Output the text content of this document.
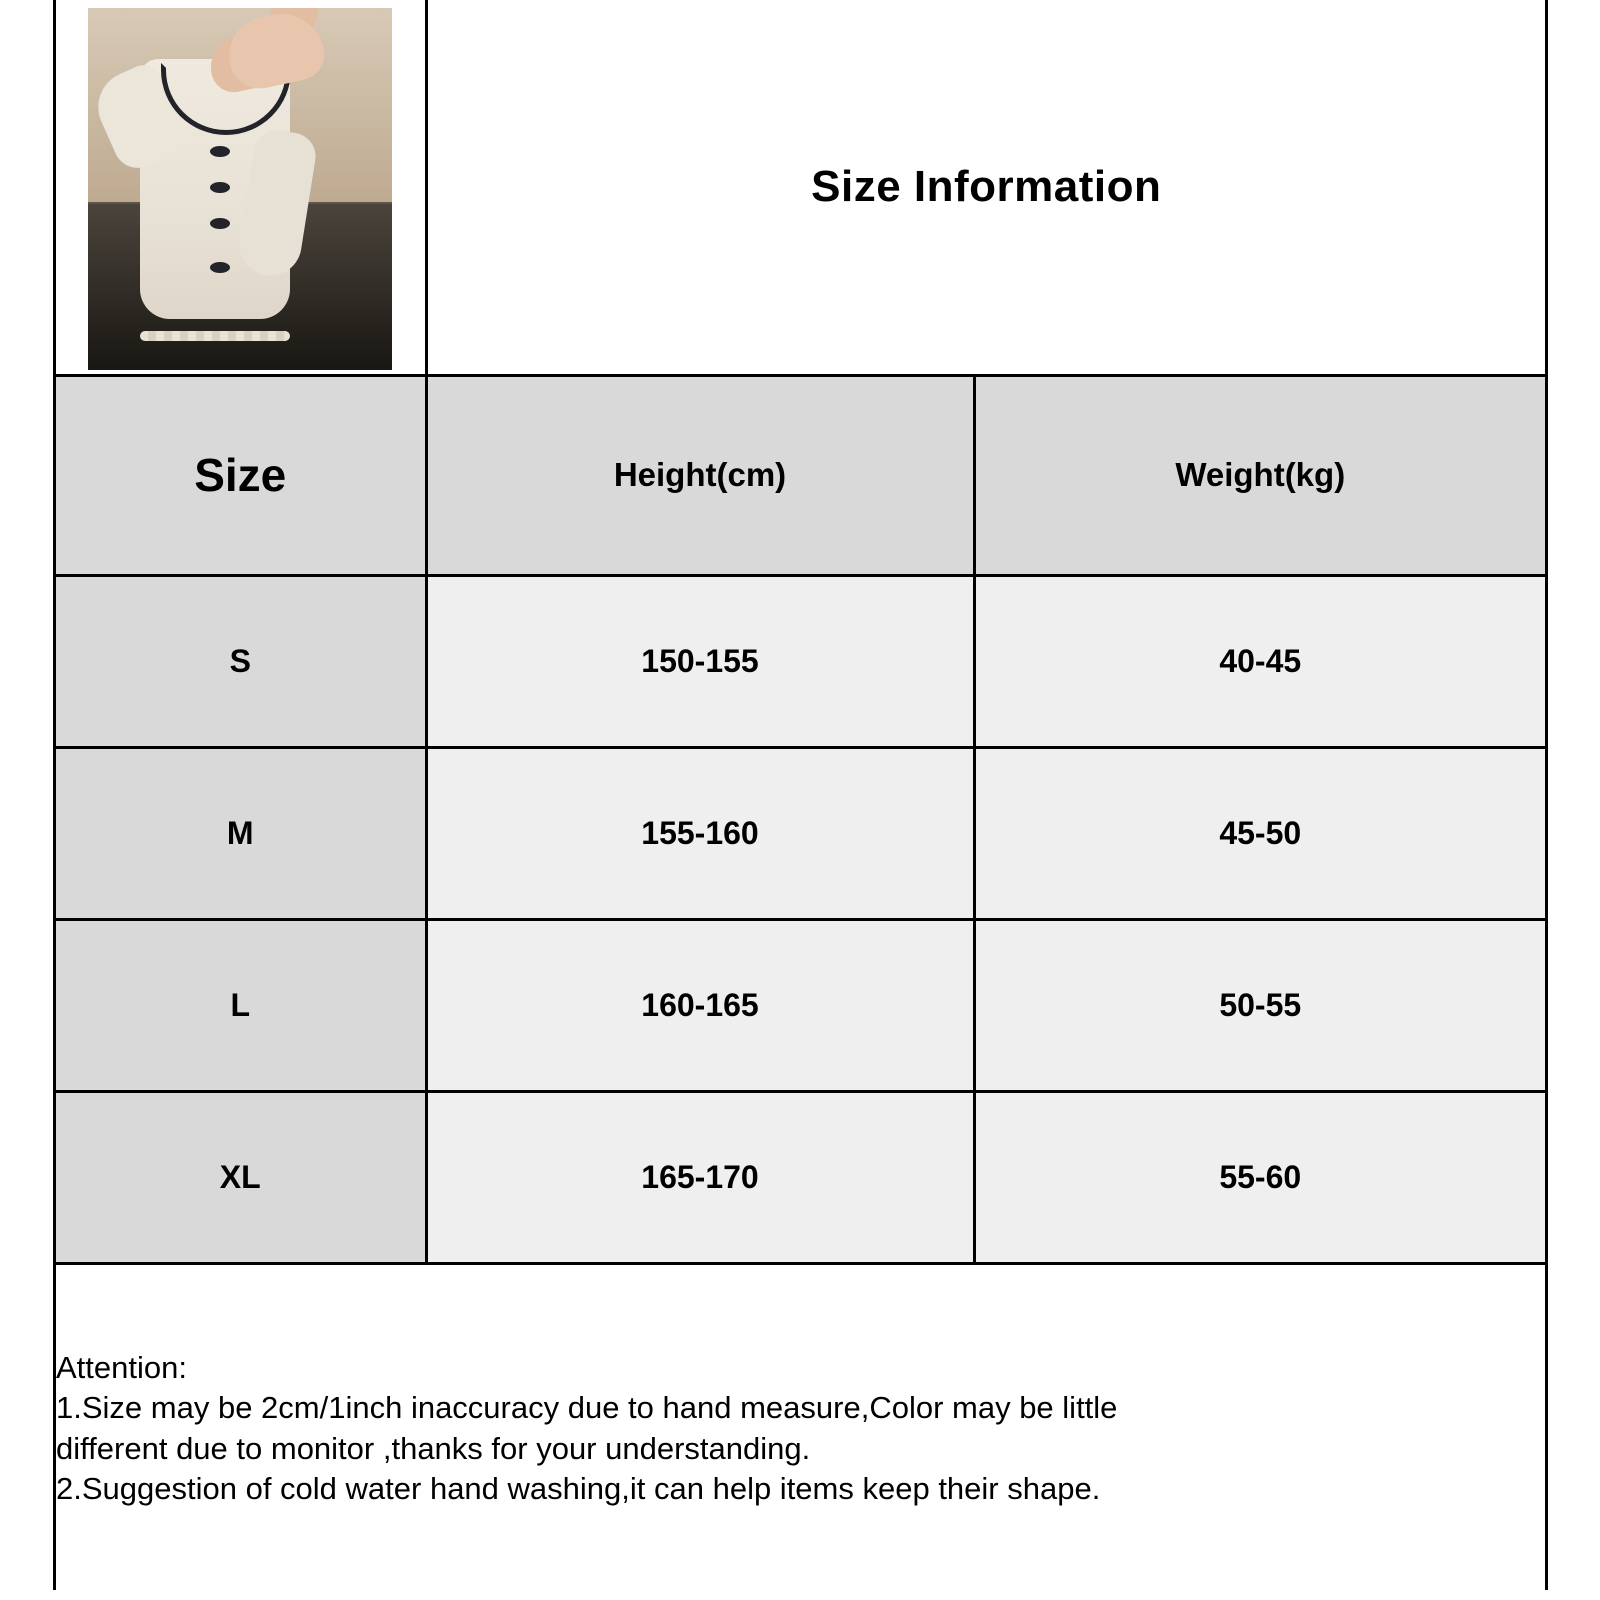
	Size Information	

Size	Height(cm)	Weight(kg)
S	150-155	40-45
M	155-160	45-50
L	160-165	50-55
XL	165-170	55-60

Attention:

1.Size may be 2cm/1inch inaccuracy due to hand measure,Color may be little

different due to monitor ,thanks for your understanding.

2.Suggestion of cold water hand washing,it can help items keep their shape.		
